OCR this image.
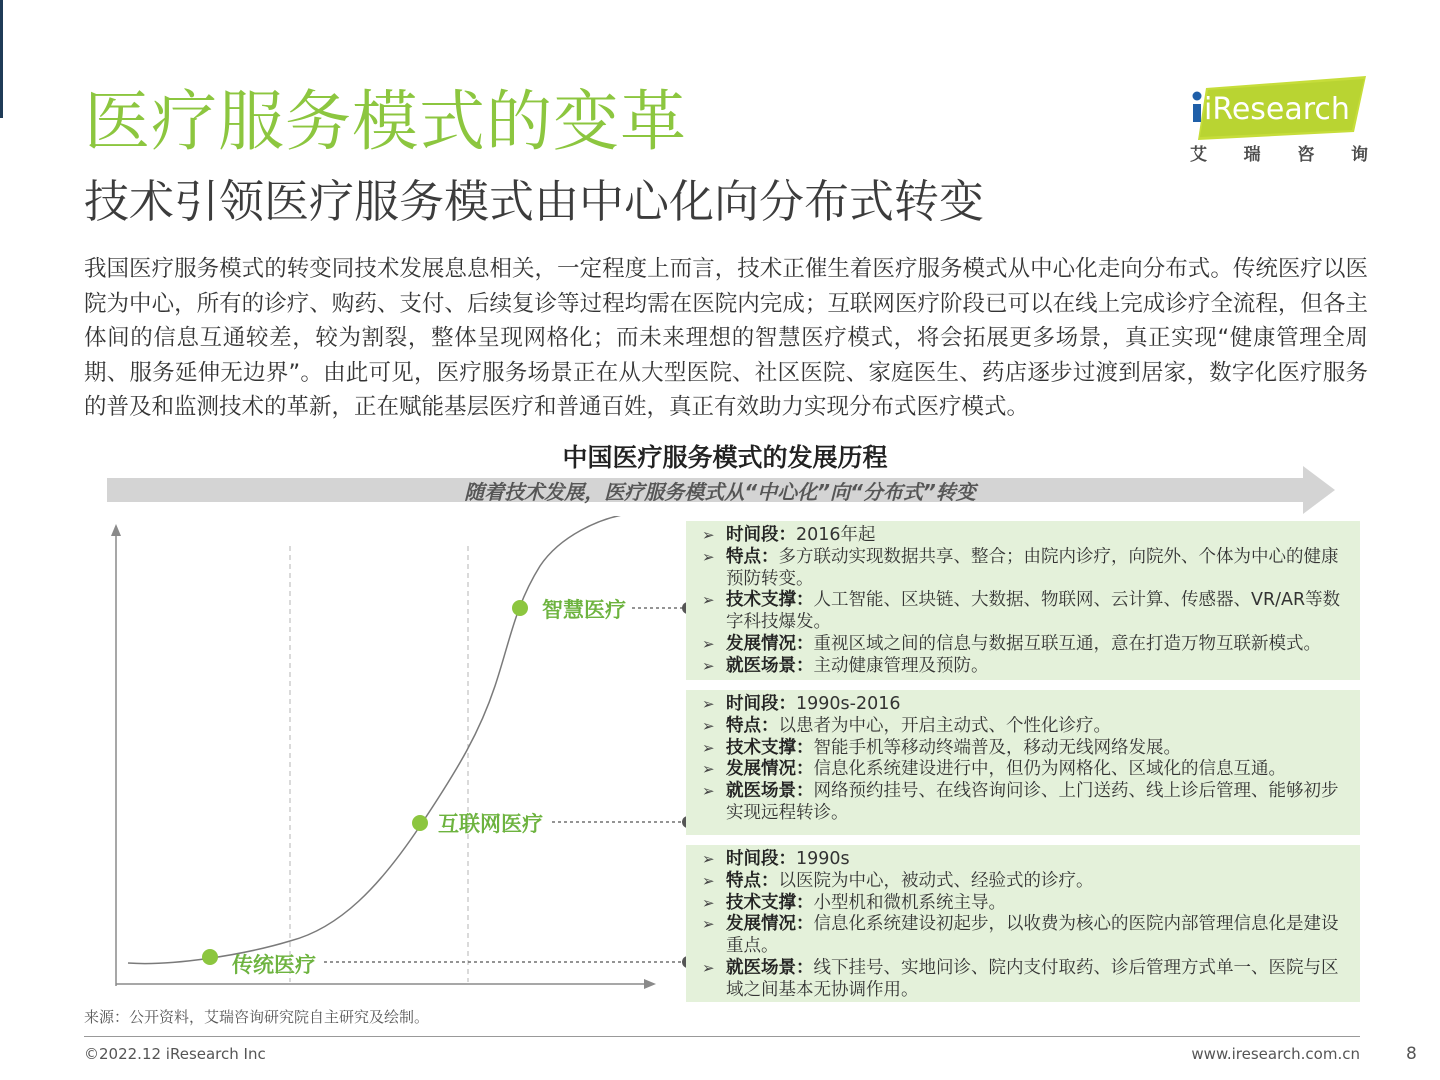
医疗服务模式的变革
技术引领医疗服务模式由中心化向分布式转变
iResearch
艾 瑞 咨 询
我国医疗服务模式的转变同技术发展息息相关，一定程度上而言，技术正催生着医疗服务模式从中心化走向分布式。传统医疗以医院为中心，所有的诊疗、购药、支付、后续复诊等过程均需在医院内完成；互联网医疗阶段已可以在线上完成诊疗全流程，但各主体间的信息互通较差，较为割裂，整体呈现网格化；而未来理想的智慧医疗模式，将会拓展更多场景，真正实现“健康管理全周期、服务延伸无边界”。由此可见，医疗服务场景正在从大型医院、社区医院、家庭医生、药店逐步过渡到居家，数字化医疗服务的普及和监测技术的革新，正在赋能基层医疗和普通百姓，真正有效助力实现分布式医疗模式。
中国医疗服务模式的发展历程
随着技术发展，医疗服务模式从“中心化”向“分布式”转变
传统医疗
互联网医疗
智慧医疗
➢ 时间段：2016年起
➢ 特点：多方联动实现数据共享、整合；由院内诊疗，向院外、个体为中心的健康预防转变。
➢ 技术支撑：人工智能、区块链、大数据、物联网、云计算、传感器、VR/AR等数字科技爆发。
➢ 发展情况：重视区域之间的信息与数据互联互通，意在打造万物互联新模式。
➢ 就医场景：主动健康管理及预防。
➢ 时间段：1990s-2016
➢ 特点：以患者为中心，开启主动式、个性化诊疗。
➢ 技术支撑：智能手机等移动终端普及，移动无线网络发展。
➢ 发展情况：信息化系统建设进行中，但仍为网格化、区域化的信息互通。
➢ 就医场景：网络预约挂号、在线咨询问诊、上门送药、线上诊后管理、能够初步实现远程转诊。
➢ 时间段：1990s
➢ 特点：以医院为中心，被动式、经验式的诊疗。
➢ 技术支撑：小型机和微机系统主导。
➢ 发展情况：信息化系统建设初起步，以收费为核心的医院内部管理信息化是建设重点。
➢ 就医场景：线下挂号、实地问诊、院内支付取药、诊后管理方式单一、医院与区域之间基本无协调作用。
来源：公开资料，艾瑞咨询研究院自主研究及绘制。
©2022.12 iResearch Inc	www.iresearch.com.cn	8
